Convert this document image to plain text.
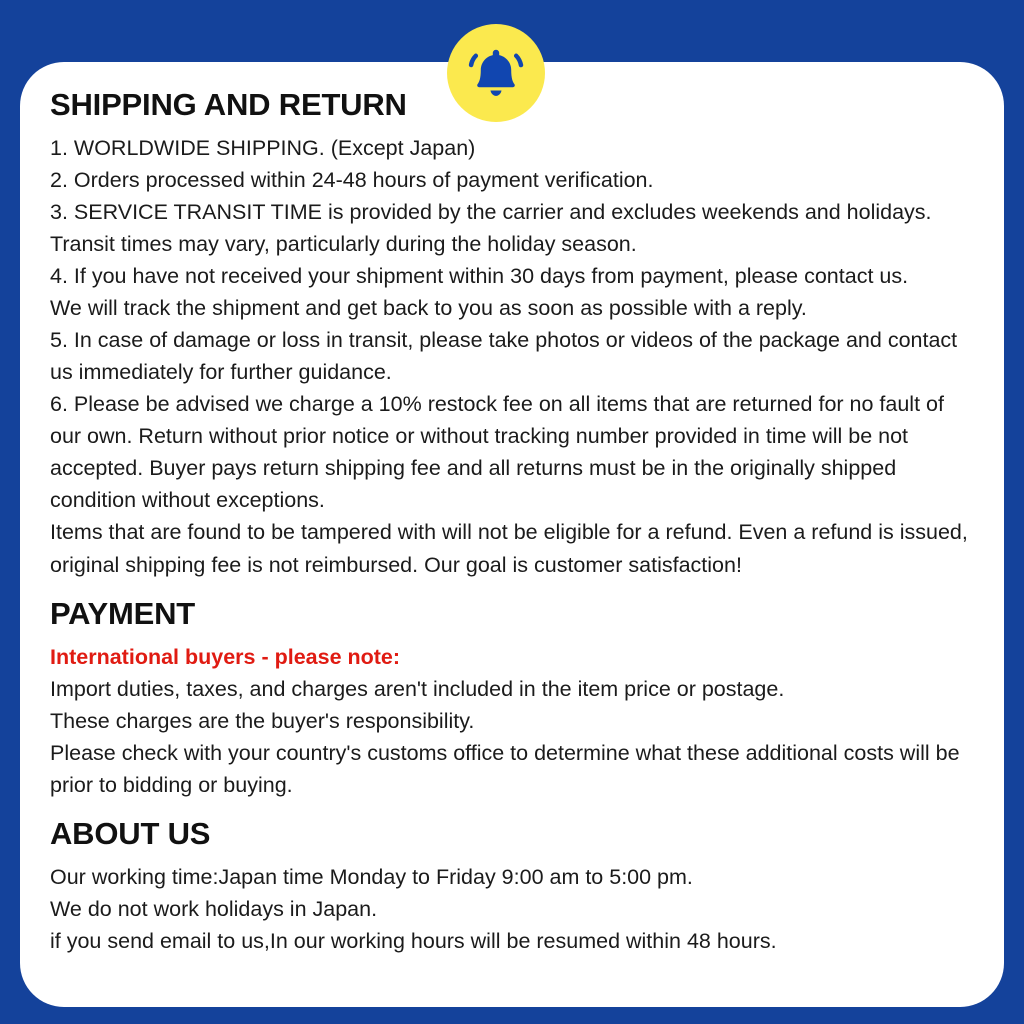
SHIPPING AND RETURN

1. WORLDWIDE SHIPPING. (Except Japan)

2. Orders processed within 24-48 hours of payment verification.

3. SERVICE TRANSIT TIME is provided by the carrier and excludes weekends and holidays.

Transit times may vary, particularly during the holiday season.

4. If you have not received your shipment within 30 days from payment, please contact us.

We will track the shipment and get back to you as soon as possible with a reply.

5. In case of damage or loss in transit, please take photos or videos of the package and contact us immediately for further guidance.

6. Please be advised we charge a 10% restock fee on all items that are returned for no fault of our own. Return without prior notice or without tracking number provided in time will be not accepted. Buyer pays return shipping fee and all returns must be in the originally shipped condition without exceptions.

Items that are found to be tampered with will not be eligible for a refund. Even a refund is issued, original shipping fee is not reimbursed. Our goal is customer satisfaction!

PAYMENT

International buyers - please note:

Import duties, taxes, and charges aren't included in the item price or postage.

These charges are the buyer's responsibility.

Please check with your country's customs office to determine what these additional costs will be prior to bidding or buying.

ABOUT US

Our working time:Japan time Monday to Friday 9:00 am to 5:00 pm.

We do not work holidays in Japan.

if you send email to us,In our working hours will be resumed within 48 hours.
